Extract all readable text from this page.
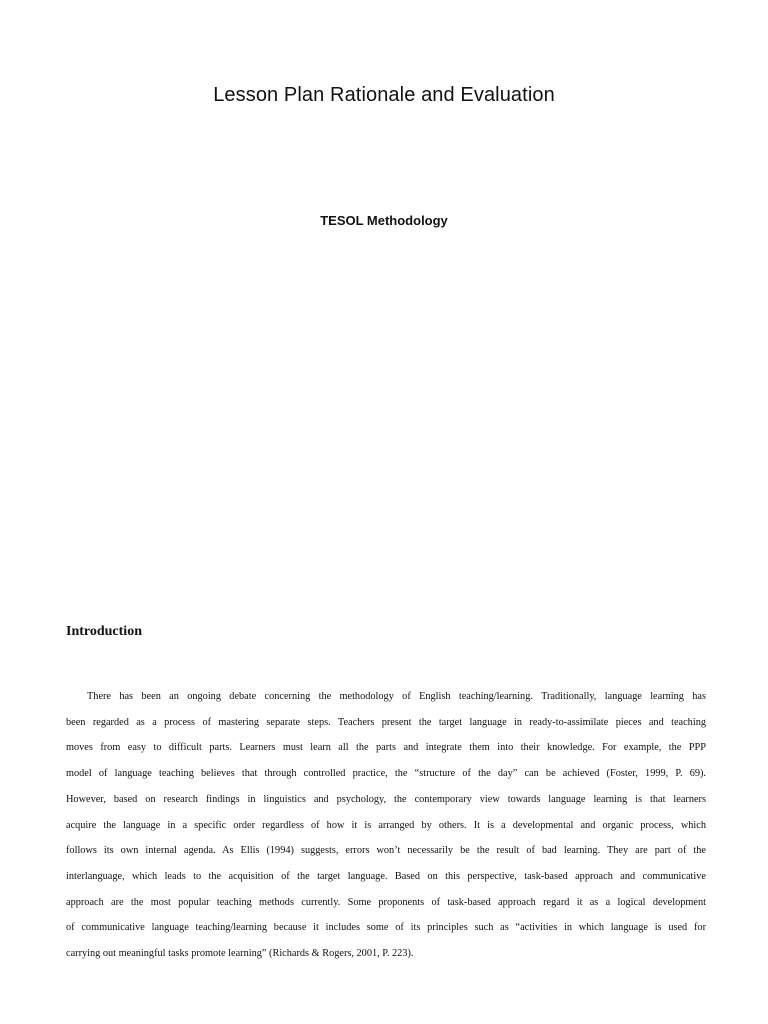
Lesson Plan Rationale and Evaluation
TESOL Methodology
Introduction

There has been an ongoing debate concerning the methodology of English teaching/learning. Traditionally, language learning has
been regarded as a process of mastering separate steps. Teachers present the target language in ready-to-assimilate pieces and teaching
moves from easy to difficult parts. Learners must learn all the parts and integrate them into their knowledge. For example, the PPP
model of language teaching believes that through controlled practice, the “structure of the day” can be achieved (Foster, 1999, P. 69).
However, based on research findings in linguistics and psychology, the contemporary view towards language learning is that learners
acquire the language in a specific order regardless of how it is arranged by others. It is a developmental and organic process, which
follows its own internal agenda. As Ellis (1994) suggests, errors won’t necessarily be the result of bad learning. They are part of the
interlanguage, which leads to the acquisition of the target language. Based on this perspective, task-based approach and communicative
approach are the most popular teaching methods currently. Some proponents of task-based approach regard it as a logical development
of communicative language teaching/learning because it includes some of its principles such as “activities in which language is used for
carrying out meaningful tasks promote learning” (Richards & Rogers, 2001, P. 223).
